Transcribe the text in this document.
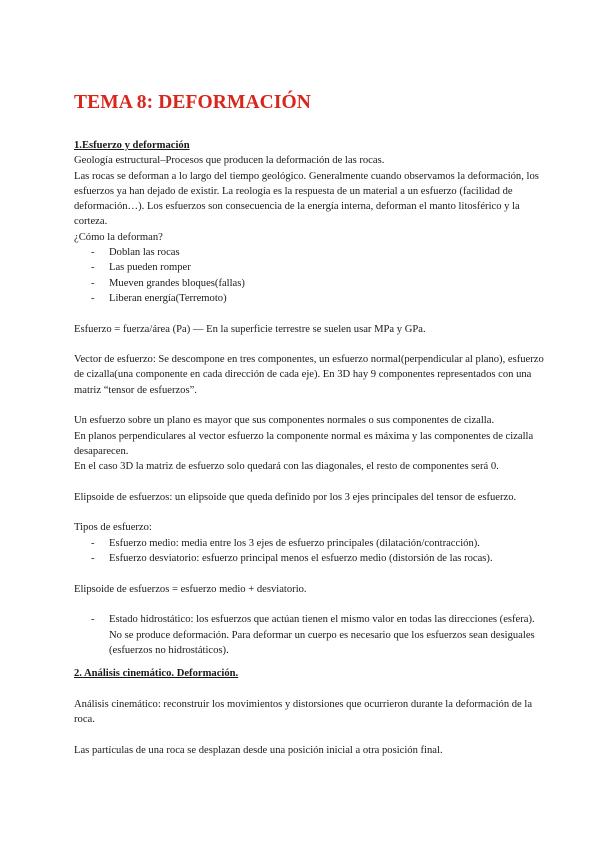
TEMA 8: DEFORMACIÓN

1.Esfuerzo y deformación

Geología estructural–Procesos que producen la deformación de las rocas.

Las rocas se deforman a lo largo del tiempo geológico. Generalmente cuando observamos la deformación, los esfuerzos ya han dejado de existir. La reología es la respuesta de un material a un esfuerzo (facilidad de deformación…). Los esfuerzos son consecuencia de la energía interna, deforman el manto litosférico y la corteza.

¿Cómo la deforman?

- Doblan las rocas
- Las pueden romper
- Mueven grandes bloques(fallas)
- Liberan energía(Terremoto)

Esfuerzo = fuerza/área (Pa) — En la superficie terrestre se suelen usar MPa y GPa.

Vector de esfuerzo: Se descompone en tres componentes, un esfuerzo normal(perpendicular al plano), esfuerzo de cizalla(una componente en cada dirección de cada eje). En 3D hay 9 componentes representados con una matriz “tensor de esfuerzos”.

Un esfuerzo sobre un plano es mayor que sus componentes normales o sus componentes de cizalla.

En planos perpendiculares al vector esfuerzo la componente normal es máxima y las componentes de cizalla desaparecen.

En el caso 3D la matriz de esfuerzo solo quedará con las diagonales, el resto de componentes será 0.

Elipsoide de esfuerzos: un elipsoide que queda definido por los 3 ejes principales del tensor de esfuerzo.

Tipos de esfuerzo:

- Esfuerzo medio: media entre los 3 ejes de esfuerzo principales (dilatación/contracción).
- Esfuerzo desviatorio: esfuerzo principal menos el esfuerzo medio (distorsión de las rocas).

Elipsoide de esfuerzos = esfuerzo medio + desviatorio.

- Estado hidrostático: los esfuerzos que actúan tienen el mismo valor en todas las direcciones (esfera). No se produce deformación. Para deformar un cuerpo es necesario que los esfuerzos sean desiguales (esfuerzos no hidrostáticos).

2. Análisis cinemático. Deformación.

Análisis cinemático: reconstruir los movimientos y distorsiones que ocurrieron durante la deformación de la roca.

Las partículas de una roca se desplazan desde una posición inicial a otra posición final.
